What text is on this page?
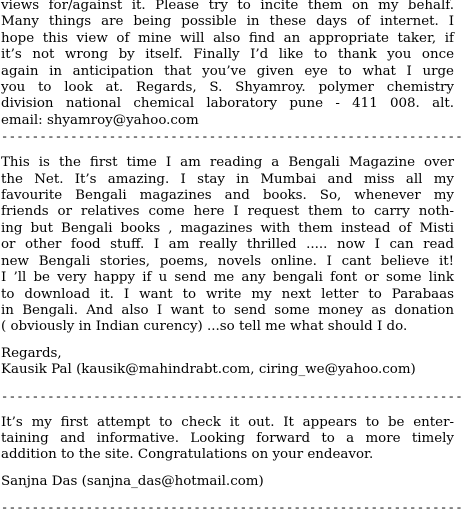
views for/against it. Please try to incite them on my behalf.
Many things are being possible in these days of internet. I
hope this view of mine will also find an appropriate taker, if
it’s not wrong by itself. Finally I’d like to thank you once
again in anticipation that you’ve given eye to what I urge
you to look at. Regards, S. Shyamroy. polymer chemistry
division national chemical laboratory pune - 411 008. alt.
email: shyamroy@yahoo.com
------------------------------------------------------------
This is the first time I am reading a Bengali Magazine over
the Net. It’s amazing. I stay in Mumbai and miss all my
favourite Bengali magazines and books. So, whenever my
friends or relatives come here I request them to carry noth-
ing but Bengali books , magazines with them instead of Misti
or other food stuff. I am really thrilled ..... now I can read
new Bengali stories, poems, novels online. I cant believe it!
I ’ll be very happy if u send me any bengali font or some link
to download it. I want to write my next letter to Parabaas
in Bengali. And also I want to send some money as donation
( obviously in Indian curency) ...so tell me what should I do.
Regards,
Kausik Pal (kausik@mahindrabt.com, ciring_we@yahoo.com)
------------------------------------------------------------
It’s my first attempt to check it out. It appears to be enter-
taining and informative. Looking forward to a more timely
addition to the site. Congratulations on your endeavor.
Sanjna Das (sanjna_das@hotmail.com)
------------------------------------------------------------
